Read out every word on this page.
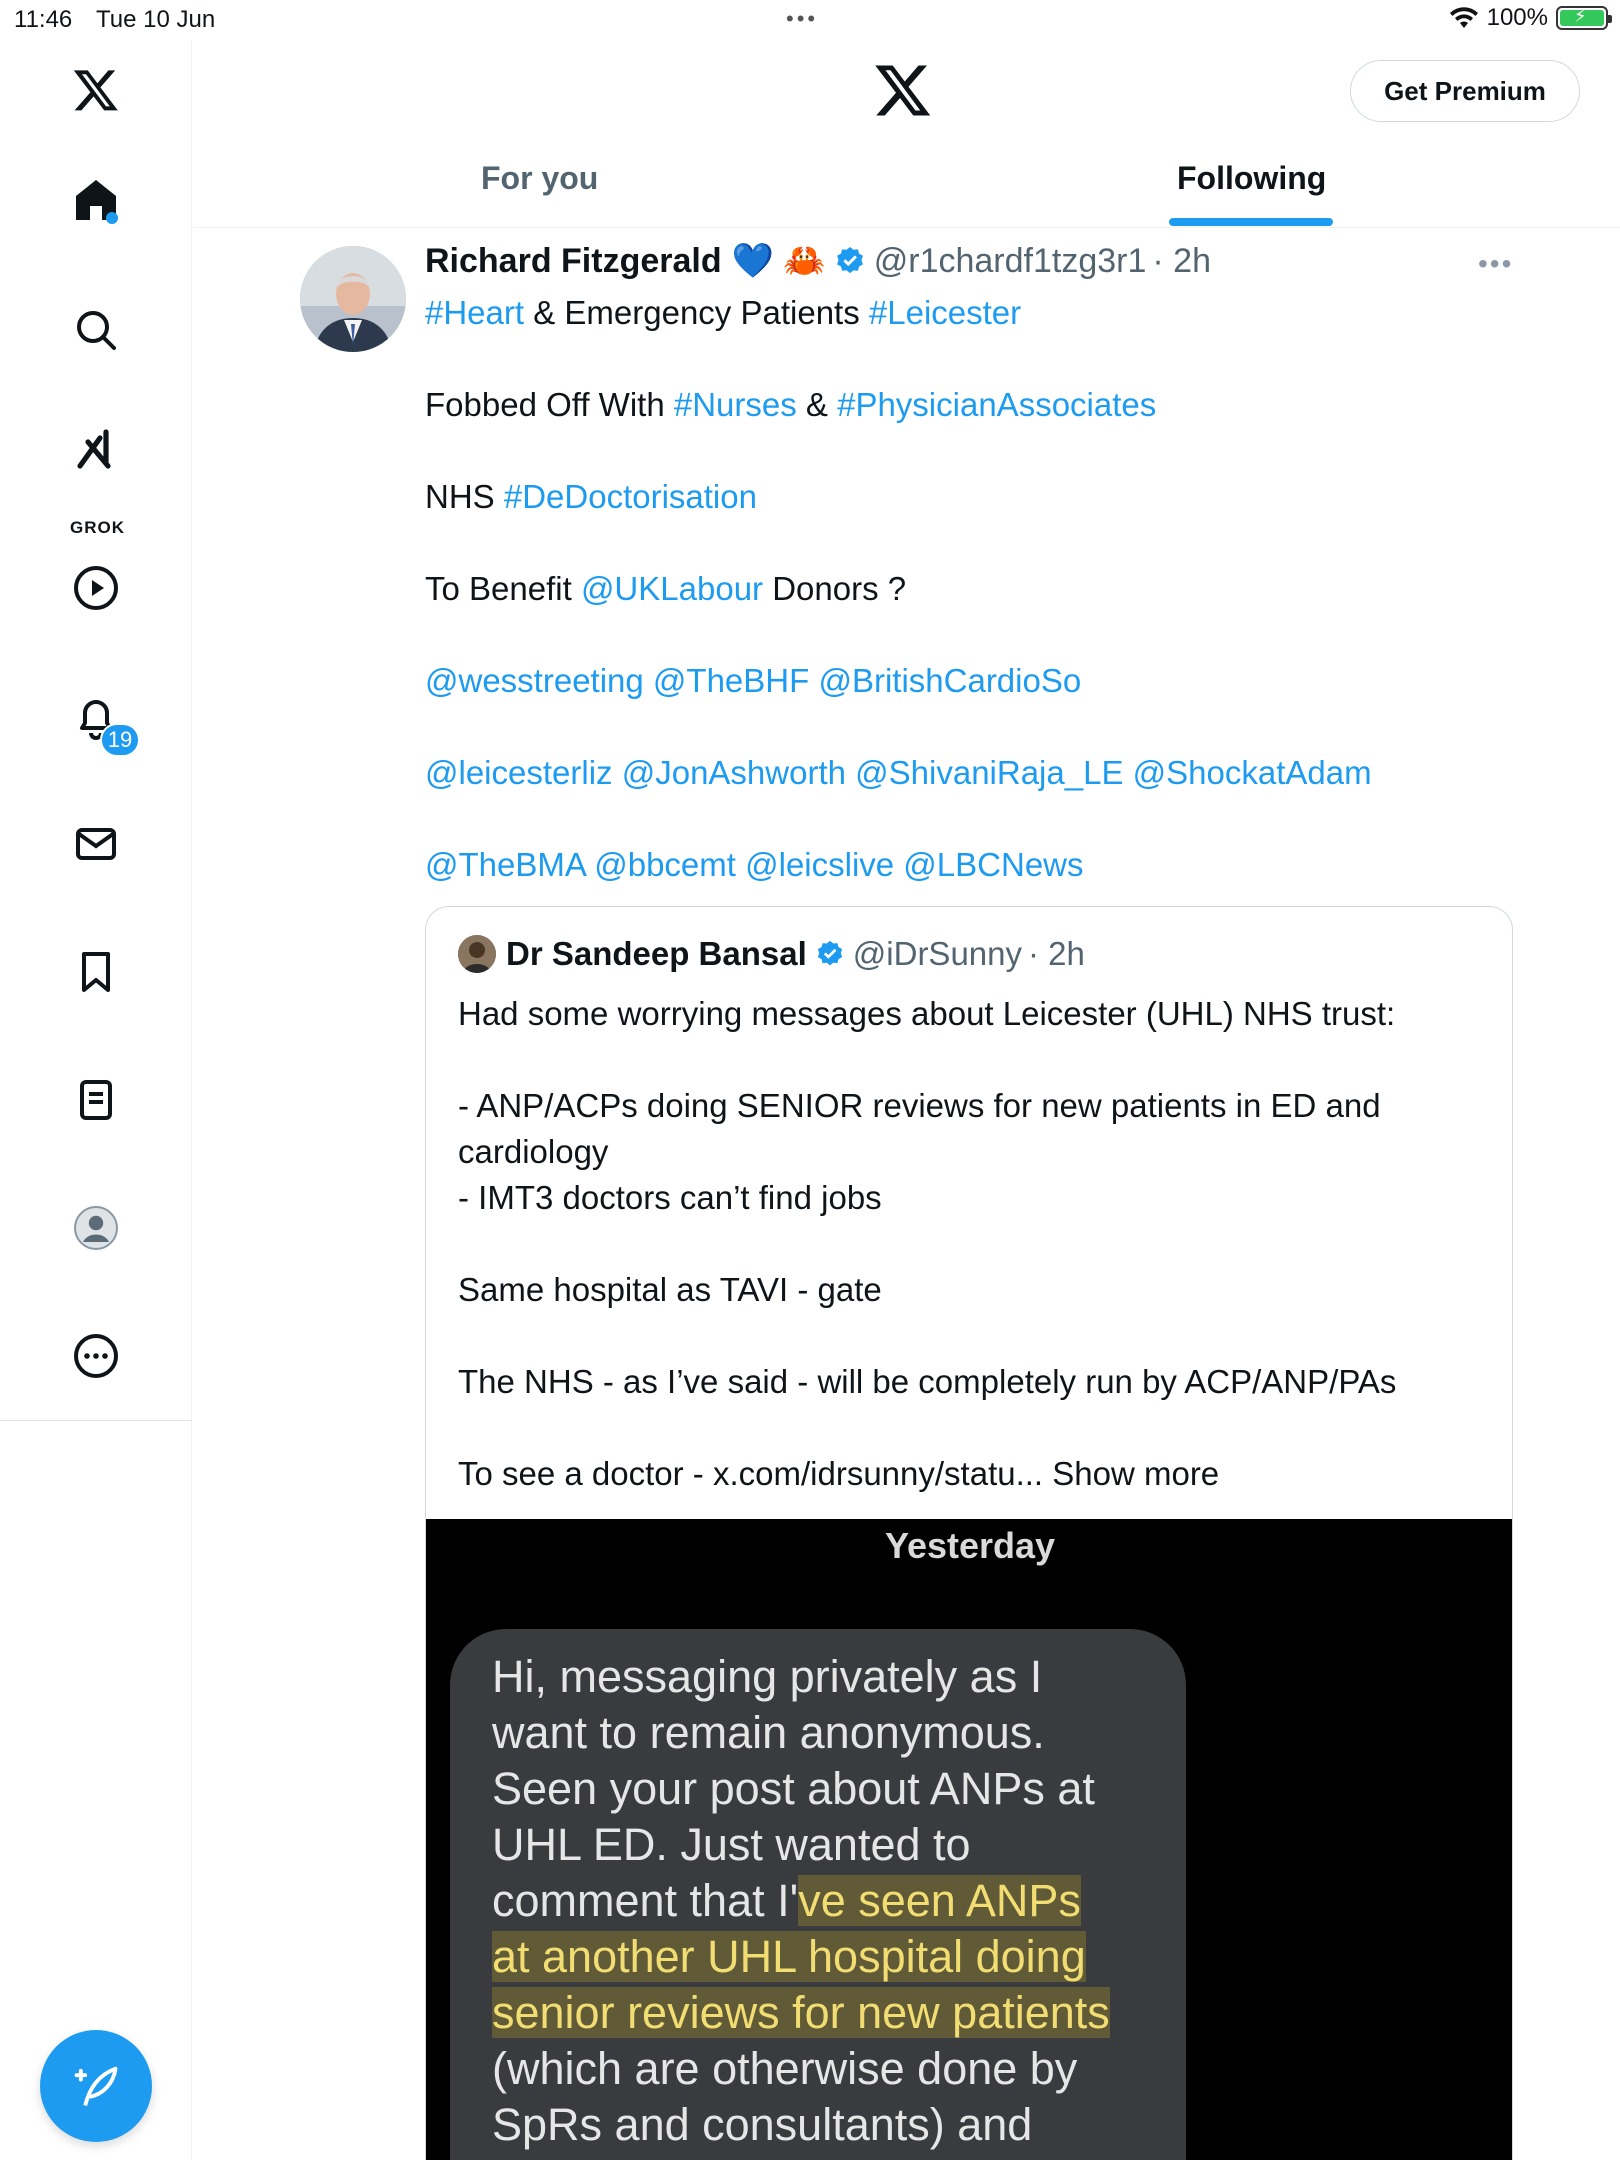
11:46 Tue 10 Jun	•••	100% ⚡
GROK
19
Get Premium
For you	Following
Richard Fitzgerald 💙 🦀 @r1chardf1tzg3r1 · 2h	•••

#Heart & Emergency Patients #Leicester

Fobbed Off With #Nurses & #PhysicianAssociates

NHS #DeDoctorisation

To Benefit @UKLabour Donors ?

@wesstreeting @TheBHF @BritishCardioSo

@leicesterliz @JonAshworth @ShivaniRaja_LE @ShockatAdam

@TheBMA @bbcemt @leicslive @LBCNews

Dr Sandeep Bansal @iDrSunny · 2h

Had some worrying messages about Leicester (UHL) NHS trust:

- ANP/ACPs doing SENIOR reviews for new patients in ED and

cardiology

- IMT3 doctors can’t find jobs

Same hospital as TAVI - gate

The NHS - as I’ve said - will be completely run by ACP/ANP/PAs

To see a doctor - x.com/idrsunny/statu... Show more

Yesterday
Hi, messaging privately as I
want to remain anonymous.
Seen your post about ANPs at
UHL ED. Just wanted to
comment that I've seen ANPs
at another UHL hospital doing
senior reviews for new patients
(which are otherwise done by
SpRs and consultants) and
